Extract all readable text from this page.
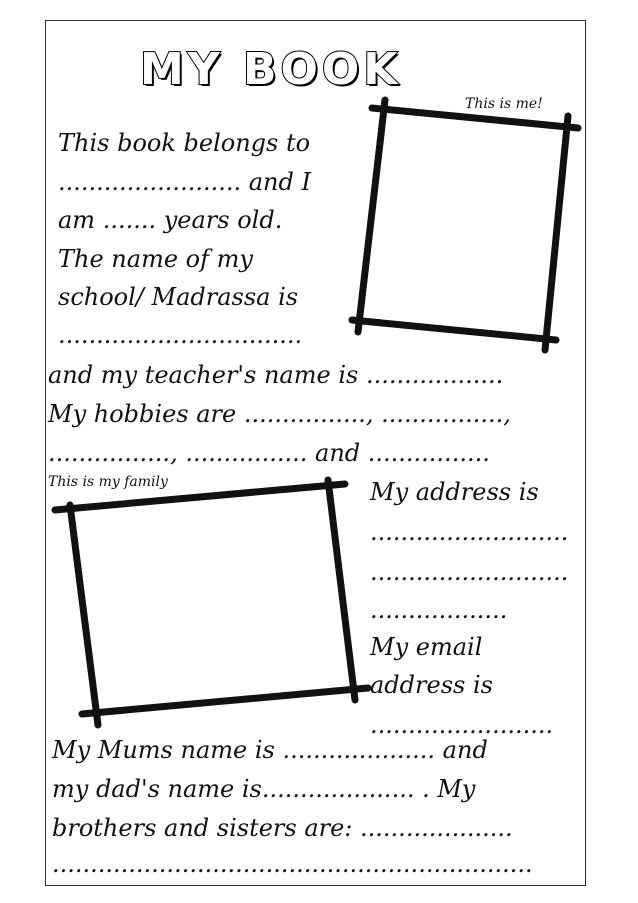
MY BOOK
This is me!
This is my family
This book belongs to
........................ and I
am ....... years old.
The name of my
school/ Madrassa is
................................
and my teacher's name is ..................
My hobbies are ................, ................,
................, ................ and ................
My address is
..........................
..........................
..................
My email
address is
........................
My Mums name is .................... and
my dad's name is.................... . My
brothers and sisters are: ....................
...............................................................
